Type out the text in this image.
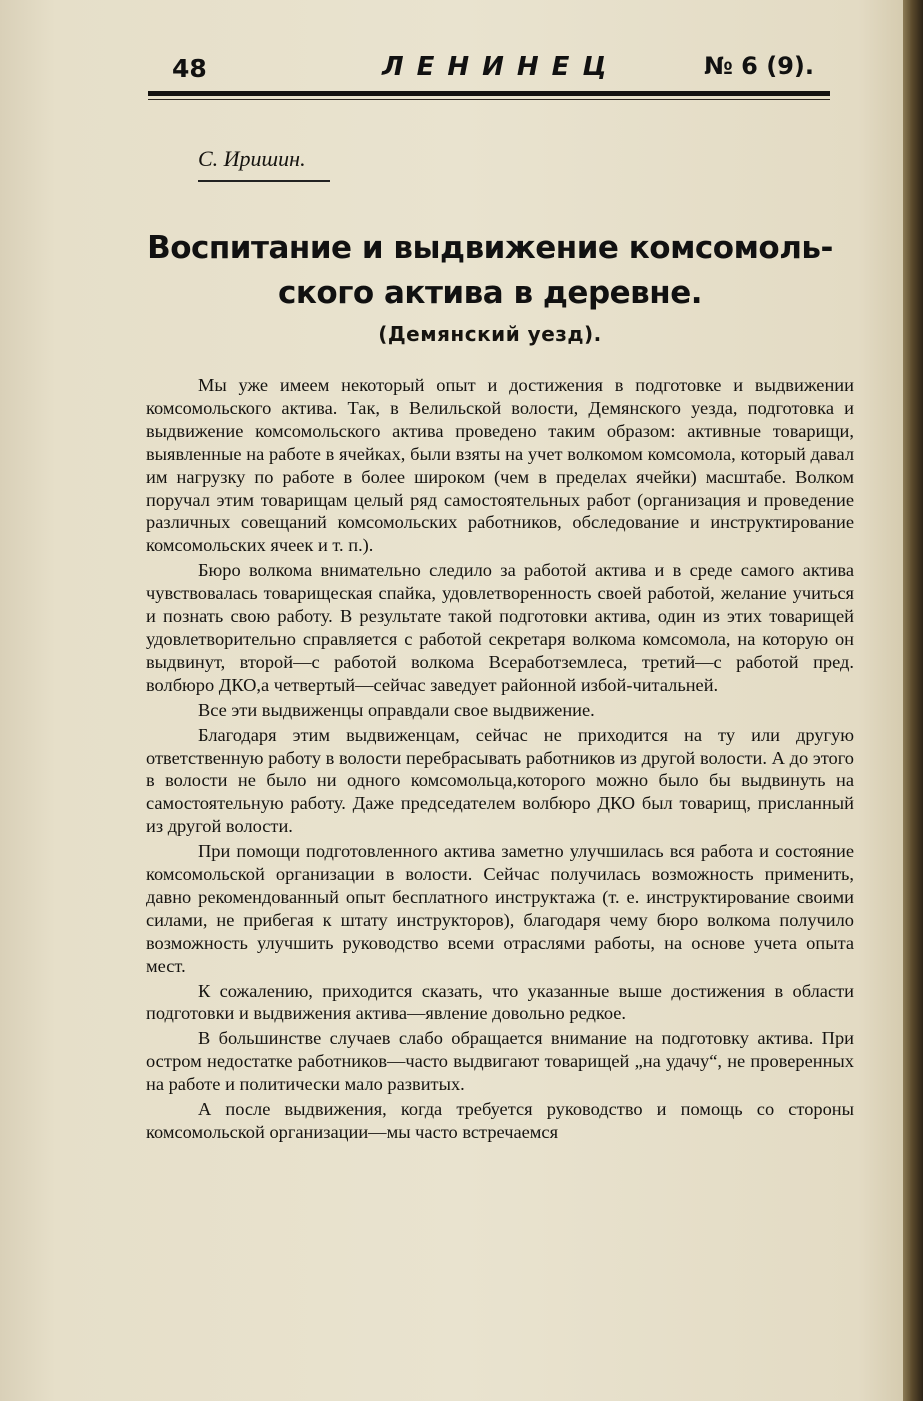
48	ЛЕНИНЕЦ	№ 6 (9).
С. Иришин.
Воспитание и выдвижение комсомоль-
ского актива в деревне.
(Демянский уезд).

Мы уже имеем некоторый опыт и достижения в подготовке и выдвижении комсомольского актива. Так, в Велильской волости, Демянского уезда, подготовка и выдвижение комсомольского актива проведено таким образом: активные товарищи, выявленные на работе в ячейках, были взяты на учет волкомом комсомола, который давал им нагрузку по работе в более широком (чем в пределах ячейки) масштабе. Волком поручал этим товарищам целый ряд самостоятельных работ (организация и проведение различных совещаний комсомольских работников, обследование и инструктирование комсомольских ячеек и т. п.).

Бюро волкома внимательно следило за работой актива и в среде самого актива чувствовалась товарищеская спайка, удовлетворенность своей работой, желание учиться и познать свою работу. В результате такой подготовки актива, один из этих товарищей удовлетворительно справляется с работой секретаря волкома комсомола, на которую он выдвинут, второй—с работой волкома Всеработземлеса, третий—с работой пред. волбюро ДКО,а четвертый—сейчас заведует районной избой-читальней.

Все эти выдвиженцы оправдали свое выдвижение.

Благодаря этим выдвиженцам, сейчас не приходится на ту или другую ответственную работу в волости перебрасывать работников из другой волости. А до этого в волости не было ни одного комсомольца,которого можно было бы выдвинуть на самостоятельную работу. Даже председателем волбюро ДКО был товарищ, присланный из другой волости.

При помощи подготовленного актива заметно улучшилась вся работа и состояние комсомольской организации в волости. Сейчас получилась возможность применить, давно рекомендованный опыт бесплатного инструктажа (т. е. инструктирование своими силами, не прибегая к штату инструкторов), благодаря чему бюро волкома получило возможность улучшить руководство всеми отраслями работы, на основе учета опыта мест.

К сожалению, приходится сказать, что указанные выше достижения в области подготовки и выдвижения актива—явление довольно редкое.

В большинстве случаев слабо обращается внимание на подготовку актива. При остром недостатке работников—часто выдвигают товарищей „на удачу“, не проверенных на работе и политически мало развитых.

А после выдвижения, когда требуется руководство и помощь со стороны комсомольской организации—мы часто встречаемся
